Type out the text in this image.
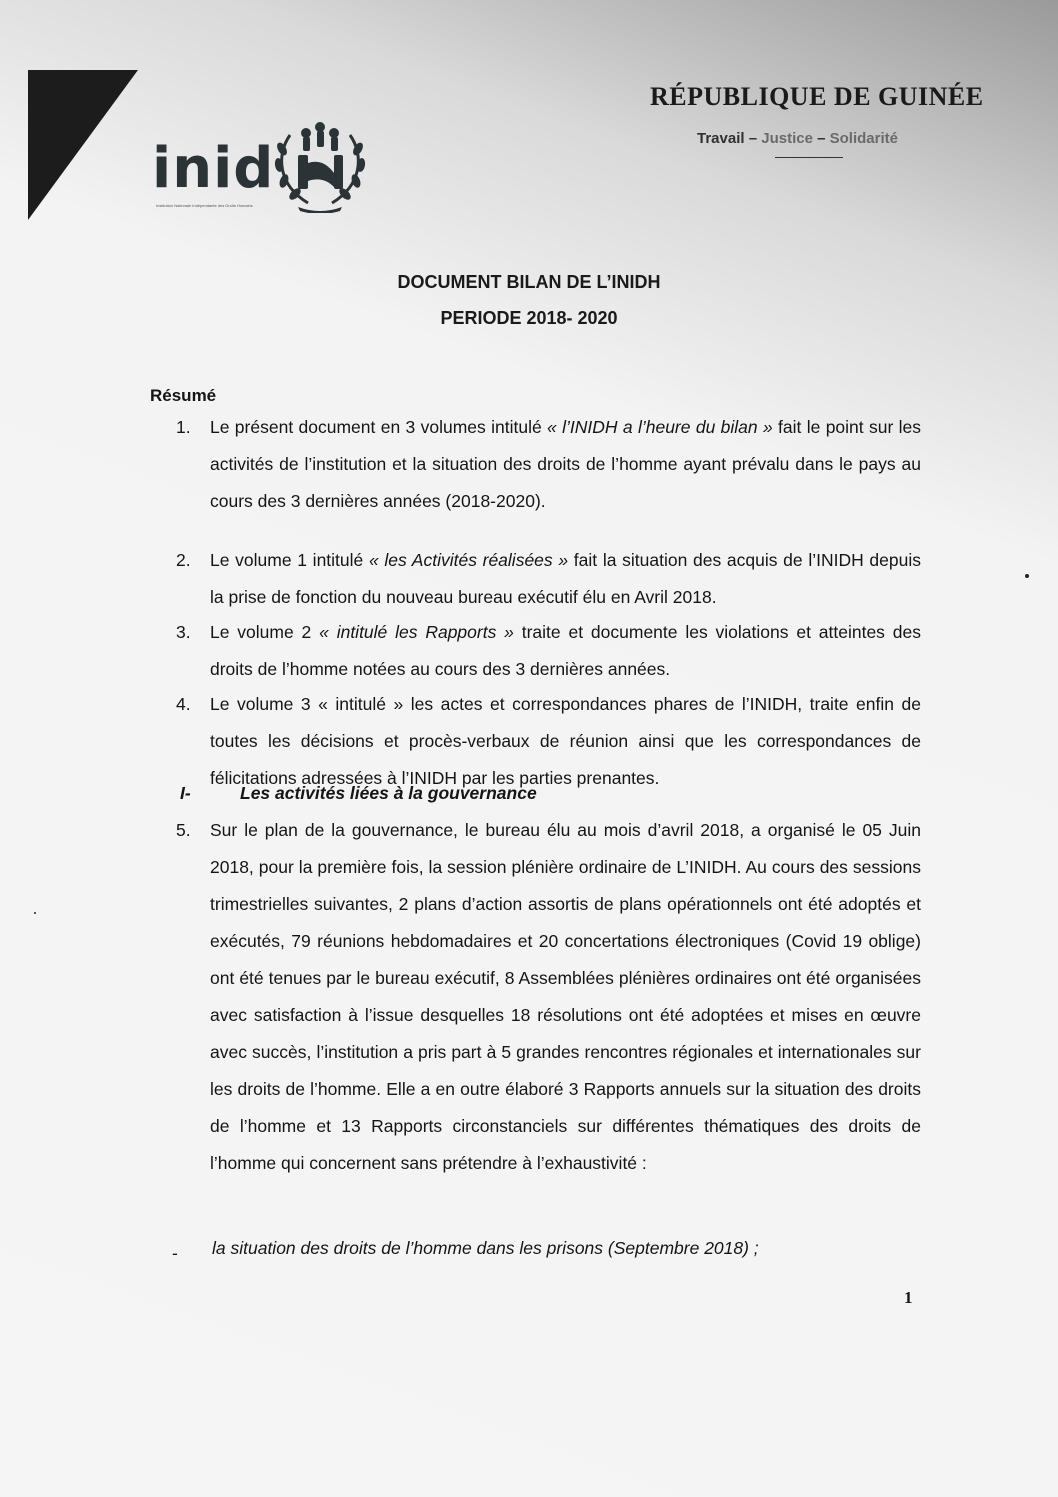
inid
Institution Nationale Indépendante des Droits Humains
RÉPUBLIQUE DE GUINÉE
Travail – Justice – Solidarité
DOCUMENT BILAN DE L’INIDH
PERIODE 2018- 2020
Résumé
1. Le présent document en 3 volumes intitulé « l’INIDH a l’heure du bilan » fait le point sur les activités de l’institution et la situation des droits de l’homme ayant prévalu dans le pays au cours des 3 dernières années (2018-2020).
2. Le volume 1 intitulé « les Activités réalisées » fait la situation des acquis de l’INIDH depuis la prise de fonction du nouveau bureau exécutif élu en Avril 2018.
3. Le volume 2 « intitulé les Rapports » traite et documente les violations et atteintes des droits de l’homme notées au cours des 3 dernières années.
4. Le volume 3 « intitulé » les actes et correspondances phares de l’INIDH, traite enfin de toutes les décisions et procès-verbaux de réunion ainsi que les correspondances de félicitations adressées à l’INIDH par les parties prenantes.
I-	Les activités liées à la gouvernance
5. Sur le plan de la gouvernance, le bureau élu au mois d’avril 2018, a organisé le 05 Juin 2018, pour la première fois, la session plénière ordinaire de L’INIDH. Au cours des sessions trimestrielles suivantes, 2 plans d’action assortis de plans opérationnels ont été adoptés et exécutés, 79 réunions hebdomadaires et 20 concertations électroniques (Covid 19 oblige) ont été tenues par le bureau exécutif, 8 Assemblées plénières ordinaires ont été organisées avec satisfaction à l’issue desquelles 18 résolutions ont été adoptées et mises en œuvre avec succès, l’institution a pris part à 5 grandes rencontres régionales et internationales sur les droits de l’homme. Elle a en outre élaboré 3 Rapports annuels sur la situation des droits de l’homme et 13 Rapports circonstanciels sur différentes thématiques des droits de l’homme qui concernent sans prétendre à l’exhaustivité :
- la situation des droits de l’homme dans les prisons (Septembre 2018) ;
1
